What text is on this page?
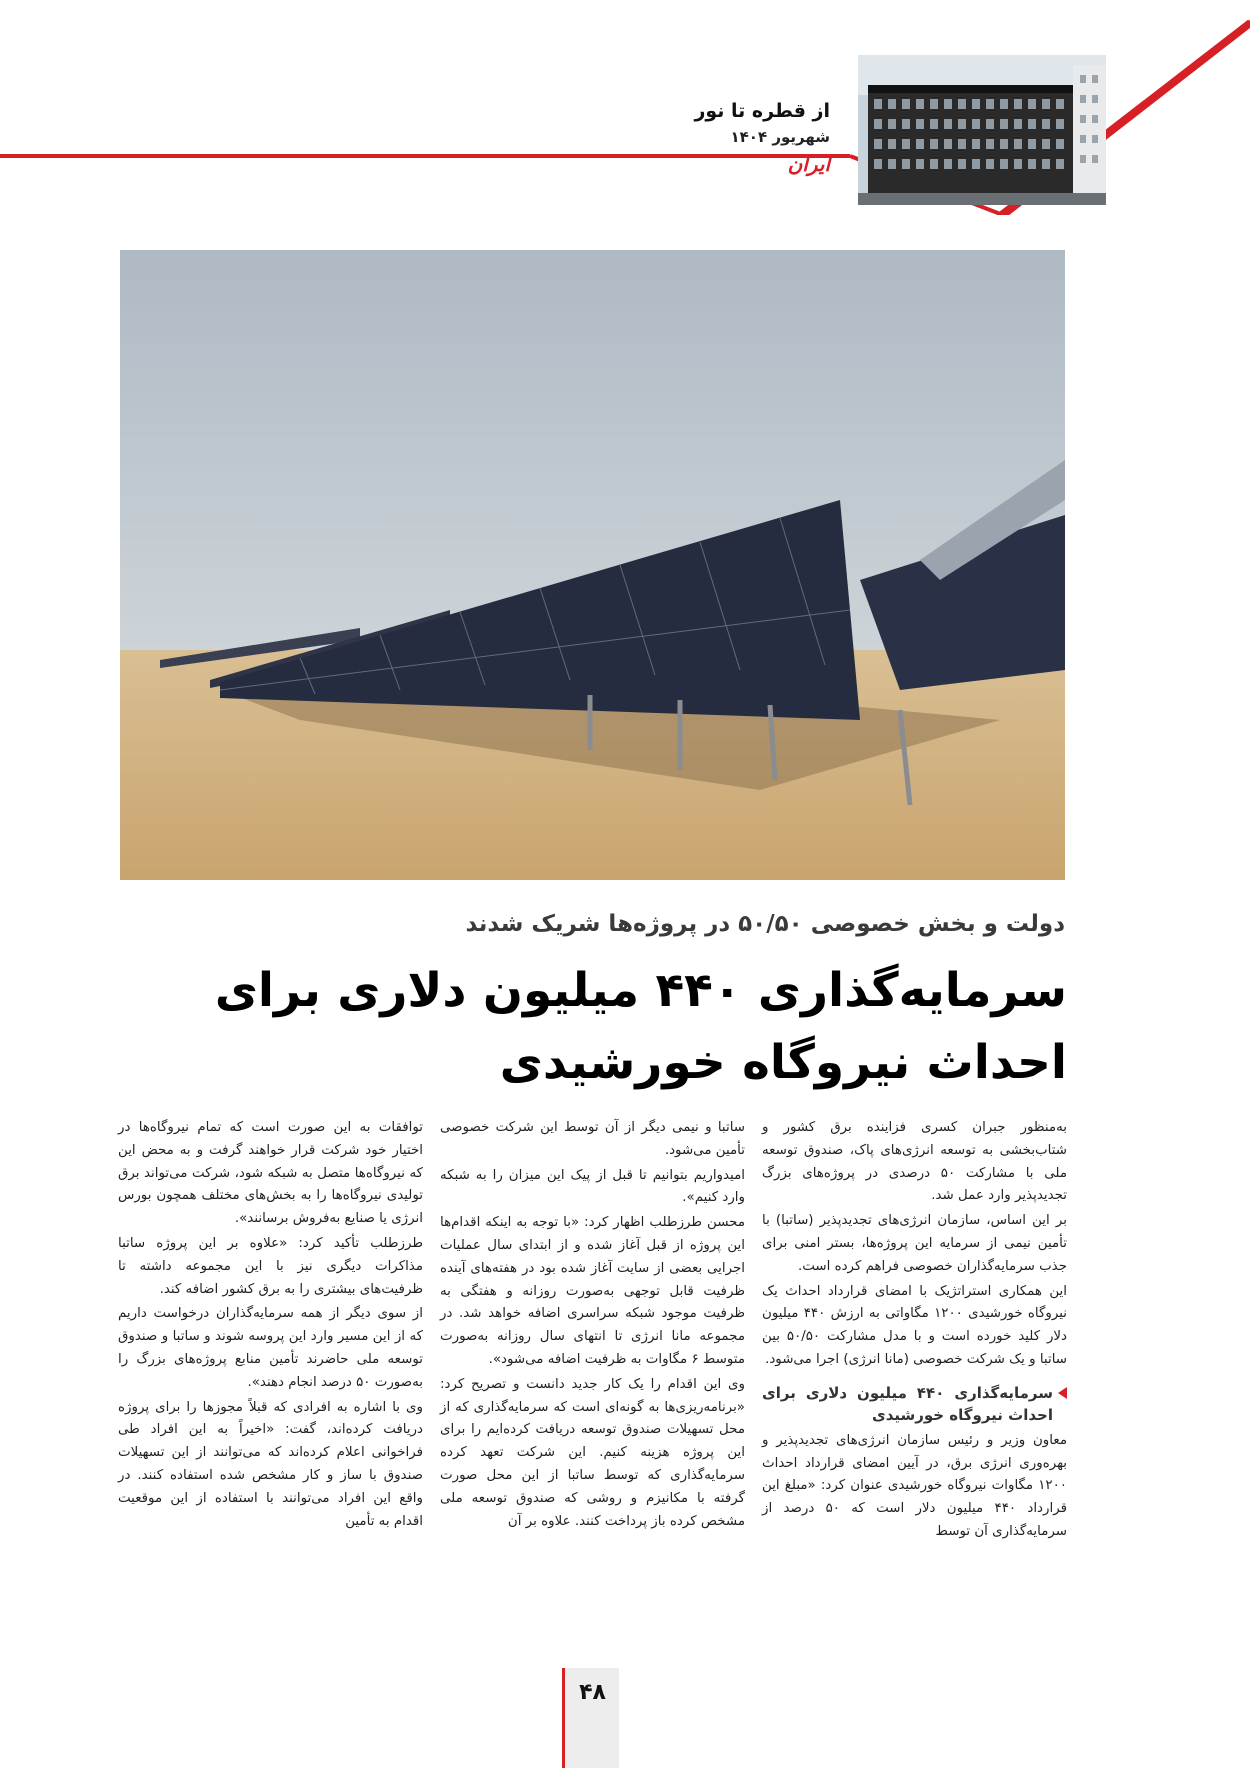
از قطره تا نور

شهریور ۱۴۰۴

ایران

دولت و بخش خصوصی ۵۰/۵۰ در پروژه‌ها شریک شدند
سرمایه‌گذاری ۴۴۰ میلیون دلاری برای احداث نیروگاه خورشیدی

به‌منظور جبران کسری فزاینده برق کشور و شتاب‌بخشی به توسعه انرژی‌های پاک، صندوق توسعه ملی با مشارکت ۵۰ درصدی در پروژه‌های بزرگ تجدیدپذیر وارد عمل شد.

بر این اساس، سازمان انرژی‌های تجدیدپذیر (ساتبا) با تأمین نیمی از سرمایه این پروژه‌ها، بستر امنی برای جذب سرمایه‌گذاران خصوصی فراهم کرده است.

این همکاری استراتژیک با امضای قرارداد احداث یک نیروگاه خورشیدی ۱۲۰۰ مگاواتی به ارزش ۴۴۰ میلیون دلار کلید خورده است و با مدل مشارکت ۵۰/۵۰ بین ساتبا و یک شرکت خصوصی (مانا انرژی) اجرا می‌شود.

سرمایه‌گذاری ۴۴۰ میلیون دلاری برای احداث نیروگاه خورشیدی

معاون وزیر و رئیس سازمان انرژی‌های تجدیدپذیر و بهره‌وری انرژی برق، در آیین امضای قرارداد احداث ۱۲۰۰ مگاوات نیروگاه خورشیدی عنوان کرد: «مبلغ این قرارداد ۴۴۰ میلیون دلار است که ۵۰ درصد از سرمایه‌گذاری آن توسط

ساتبا و نیمی دیگر از آن توسط این شرکت خصوصی تأمین می‌شود.

امیدواریم بتوانیم تا قبل از پیک این میزان را به شبکه وارد کنیم».

محسن طرزطلب اظهار کرد: «با توجه به اینکه اقدام‌ها این پروژه از قبل آغاز شده و از ابتدای سال عملیات اجرایی بعضی از سایت آغاز شده بود در هفته‌های آینده ظرفیت قابل توجهی به‌صورت روزانه و هفتگی به ظرفیت موجود شبکه سراسری اضافه خواهد شد. در مجموعه مانا انرژی تا انتهای سال روزانه به‌صورت متوسط ۶ مگاوات به ظرفیت اضافه می‌شود».

وی این اقدام را یک کار جدید دانست و تصریح کرد: «برنامه‌ریزی‌ها به گونه‌ای است که سرمایه‌گذاری که از محل تسهیلات صندوق توسعه دریافت کرده‌ایم را برای این پروژه هزینه کنیم. این شرکت تعهد کرده سرمایه‌گذاری که توسط ساتبا از این محل صورت گرفته با مکانیزم و روشی که صندوق توسعه ملی مشخص کرده باز پرداخت کنند. علاوه بر آن

توافقات به این صورت است که تمام نیروگاه‌ها در اختیار خود شرکت قرار خواهند گرفت و به محض این که نیروگاه‌ها متصل به شبکه شود، شرکت می‌تواند برق تولیدی نیروگاه‌ها را به بخش‌های مختلف همچون بورس انرژی یا صنایع به‌فروش برسانند».

طرزطلب تأکید کرد: «علاوه بر این پروژه ساتبا مذاکرات دیگری نیز با این مجموعه داشته تا ظرفیت‌های بیشتری را به برق کشور اضافه کند.

از سوی دیگر از همه سرمایه‌گذاران درخواست داریم که از این مسیر وارد این پروسه شوند و ساتبا و صندوق توسعه ملی حاضرند تأمین منابع پروژه‌های بزرگ را به‌صورت ۵۰ درصد انجام دهند».

وی با اشاره به افرادی که قبلاً مجوزها را برای پروژه دریافت کرده‌اند، گفت: «اخیراً به این افراد طی فراخوانی اعلام کرده‌اند که می‌توانند از این تسهیلات صندوق با ساز و کار مشخص شده استفاده کنند. در واقع این افراد می‌توانند با استفاده از این موقعیت اقدام به تأمین

۴۸
